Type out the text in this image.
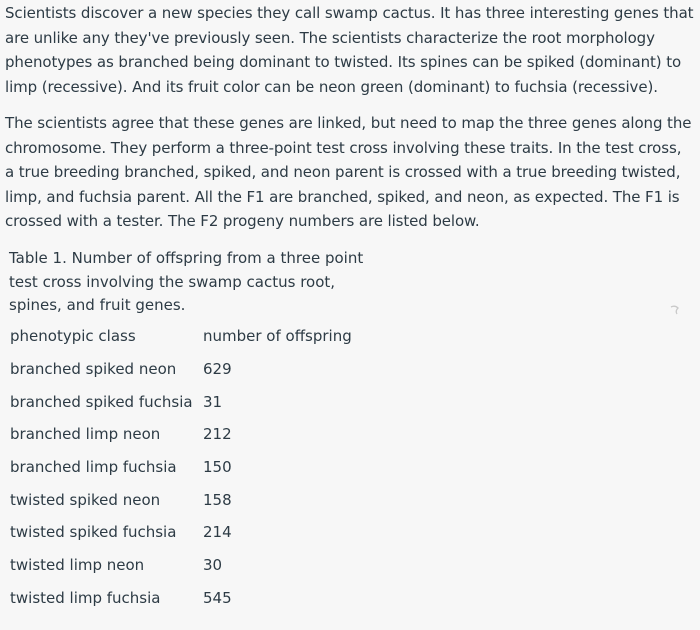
Scientists discover a new species they call swamp cactus. It has three interesting genes that are unlike any they've previously seen. The scientists characterize the root morphology phenotypes as branched being dominant to twisted. Its spines can be spiked (dominant) to limp (recessive). And its fruit color can be neon green (dominant) to fuchsia (recessive).

The scientists agree that these genes are linked, but need to map the three genes along the chromosome. They perform a three-point test cross involving these traits. In the test cross, a true breeding branched, spiked, and neon parent is crossed with a true breeding twisted, limp, and fuchsia parent. All the F1 are branched, spiked, and neon, as expected. The F1 is crossed with a tester. The F2 progeny numbers are listed below.

Table 1. Number of offspring from a three point test cross involving the swamp cactus root, spines, and fruit genes.

phenotypic class	number of offspring
branched spiked neon 629
branched spiked fuchsia 31
branched limp neon	212
branched limp fuchsia 150
twisted spiked neon	158
twisted spiked fuchsia 214
twisted limp neon	30
twisted limp fuchsia	545
